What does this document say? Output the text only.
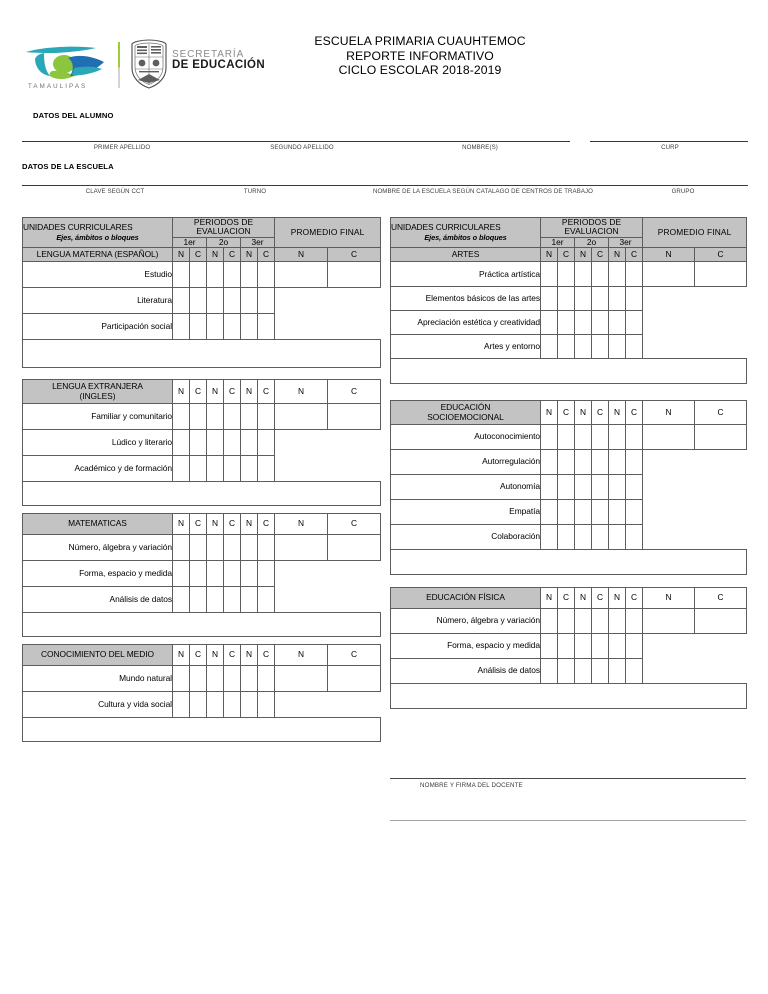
TAMAULIPAS
SECRETARÍA
DE EDUCACIÓN
ESCUELA PRIMARIA CUAUHTEMOC
REPORTE INFORMATIVO
CICLO ESCOLAR 2018-2019
DATOS DEL ALUMNO
PRIMER APELLIDO	SEGUNDO APELLIDO	NOMBRE(S)	CURP
DATOS DE LA ESCUELA
CLAVE SEGÚN CCT	TURNO	NOMBRE DE LA ESCUELA SEGÚN CATALAGO DE CENTROS DE TRABAJO	GRUPO
UNIDADES CURRICULARES
Ejes, ámbitos o bloques	PERIODOS DE EVALUACION						PROMEDIO FINAL	
	1er		2o		3er			
LENGUA MATERNA (ESPAÑOL)	N	C	N	C	N	C	N	C
Estudio								
Literatura								
Participación social								

LENGUA EXTRANJERA
(INGLES)	N	C	N	C	N	C	N	C
Familiar y comunitario								
Lúdico y literario								
Académico y de formación								

MATEMATICAS	N	C	N	C	N	C	N	C
Número, álgebra y variación								
Forma, espacio y medida								
Análisis de datos								

CONOCIMIENTO DEL MEDIO	N	C	N	C	N	C	N	C
Mundo natural								
Cultura y vida social								

UNIDADES CURRICULARES
Ejes, ámbitos o bloques	PERIODOS DE EVALUACION						PROMEDIO FINAL	
	1er		2o		3er			
ARTES	N	C	N	C	N	C	N	C
Práctica artística								
Elementos básicos de las artes								
Apreciación estética y creatividad								
Artes y entorno								

EDUCACIÓN
SOCIOEMOCIONAL	N	C	N	C	N	C	N	C
Autoconocimiento								
Autorregulación								
Autonomía								
Empatía								
Colaboración								

EDUCACIÓN FÍSICA	N	C	N	C	N	C	N	C
Número, álgebra y variación								
Forma, espacio y medida								
Análisis de datos								

NOMBRE Y FIRMA DEL DOCENTE
